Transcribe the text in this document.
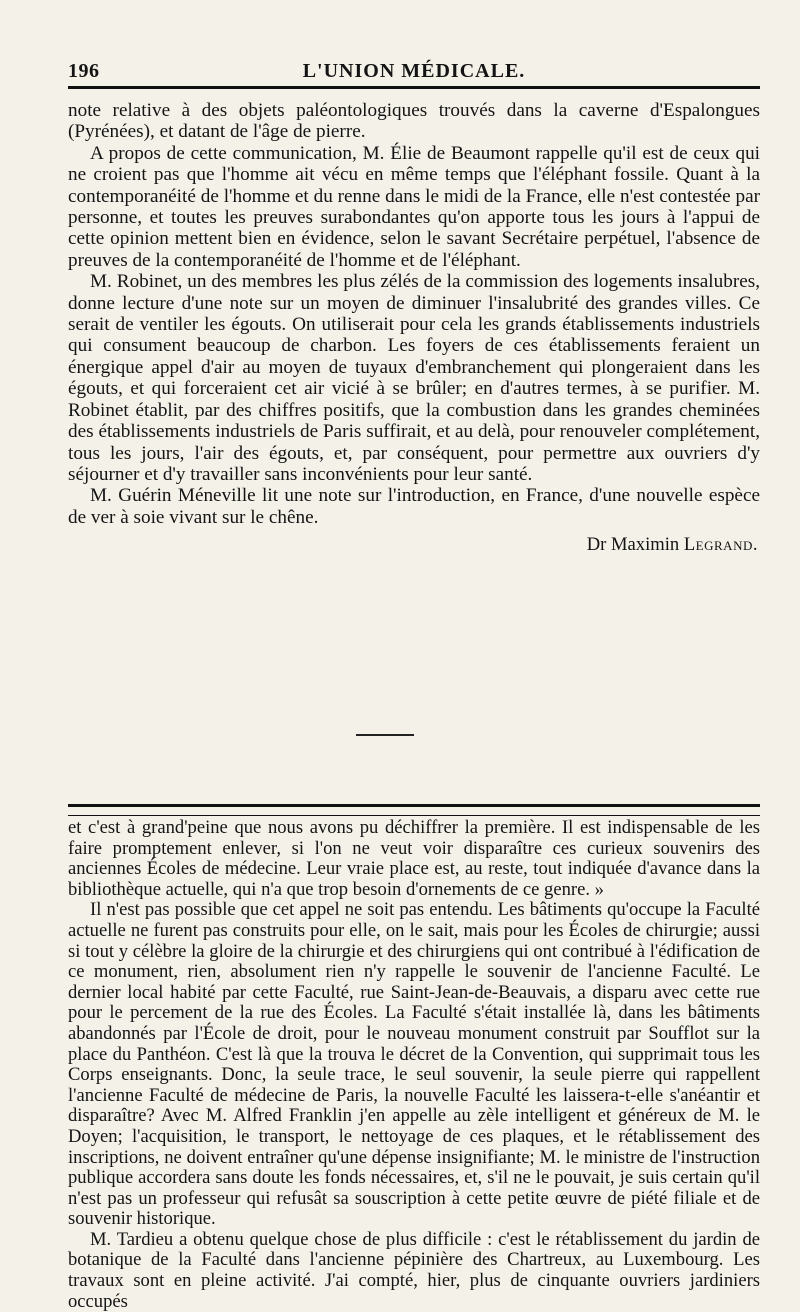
196	L'UNION MÉDICALE.

note relative à des objets paléontologiques trouvés dans la caverne d'Espalongues (Pyrénées), et datant de l'âge de pierre.

A propos de cette communication, M. Élie de Beaumont rappelle qu'il est de ceux qui ne croient pas que l'homme ait vécu en même temps que l'éléphant fossile. Quant à la contemporanéité de l'homme et du renne dans le midi de la France, elle n'est contestée par personne, et toutes les preuves surabondantes qu'on apporte tous les jours à l'appui de cette opinion mettent bien en évidence, selon le savant Secrétaire perpétuel, l'absence de preuves de la contemporanéité de l'homme et de l'éléphant.

M. Robinet, un des membres les plus zélés de la commission des logements insalubres, donne lecture d'une note sur un moyen de diminuer l'insalubrité des grandes villes. Ce serait de ventiler les égouts. On utiliserait pour cela les grands établissements industriels qui consument beaucoup de charbon. Les foyers de ces établissements feraient un énergique appel d'air au moyen de tuyaux d'embranchement qui plongeraient dans les égouts, et qui forceraient cet air vicié à se brûler; en d'autres termes, à se purifier. M. Robinet établit, par des chiffres positifs, que la combustion dans les grandes cheminées des établissements industriels de Paris suffirait, et au delà, pour renouveler complétement, tous les jours, l'air des égouts, et, par conséquent, pour permettre aux ouvriers d'y séjourner et d'y travailler sans inconvénients pour leur santé.

M. Guérin Méneville lit une note sur l'introduction, en France, d'une nouvelle espèce de ver à soie vivant sur le chêne.

Dr Maximin Legrand.

et c'est à grand'peine que nous avons pu déchiffrer la première. Il est indispensable de les faire promptement enlever, si l'on ne veut voir disparaître ces curieux souvenirs des anciennes Écoles de médecine. Leur vraie place est, au reste, tout indiquée d'avance dans la bibliothèque actuelle, qui n'a que trop besoin d'ornements de ce genre. »

Il n'est pas possible que cet appel ne soit pas entendu. Les bâtiments qu'occupe la Faculté actuelle ne furent pas construits pour elle, on le sait, mais pour les Écoles de chirurgie; aussi si tout y célèbre la gloire de la chirurgie et des chirurgiens qui ont contribué à l'édification de ce monument, rien, absolument rien n'y rappelle le souvenir de l'ancienne Faculté. Le dernier local habité par cette Faculté, rue Saint-Jean-de-Beauvais, a disparu avec cette rue pour le percement de la rue des Écoles. La Faculté s'était installée là, dans les bâtiments abandonnés par l'École de droit, pour le nouveau monument construit par Soufflot sur la place du Panthéon. C'est là que la trouva le décret de la Convention, qui supprimait tous les Corps enseignants. Donc, la seule trace, le seul souvenir, la seule pierre qui rappellent l'ancienne Faculté de médecine de Paris, la nouvelle Faculté les laissera-t-elle s'anéantir et disparaître? Avec M. Alfred Franklin j'en appelle au zèle intelligent et généreux de M. le Doyen; l'acquisition, le transport, le nettoyage de ces plaques, et le rétablissement des inscriptions, ne doivent entraîner qu'une dépense insignifiante; M. le ministre de l'instruction publique accordera sans doute les fonds nécessaires, et, s'il ne le pouvait, je suis certain qu'il n'est pas un professeur qui refusât sa souscription à cette petite œuvre de piété filiale et de souvenir historique.

M. Tardieu a obtenu quelque chose de plus difficile : c'est le rétablissement du jardin de botanique de la Faculté dans l'ancienne pépinière des Chartreux, au Luxembourg. Les travaux sont en pleine activité. J'ai compté, hier, plus de cinquante ouvriers jardiniers occupés
